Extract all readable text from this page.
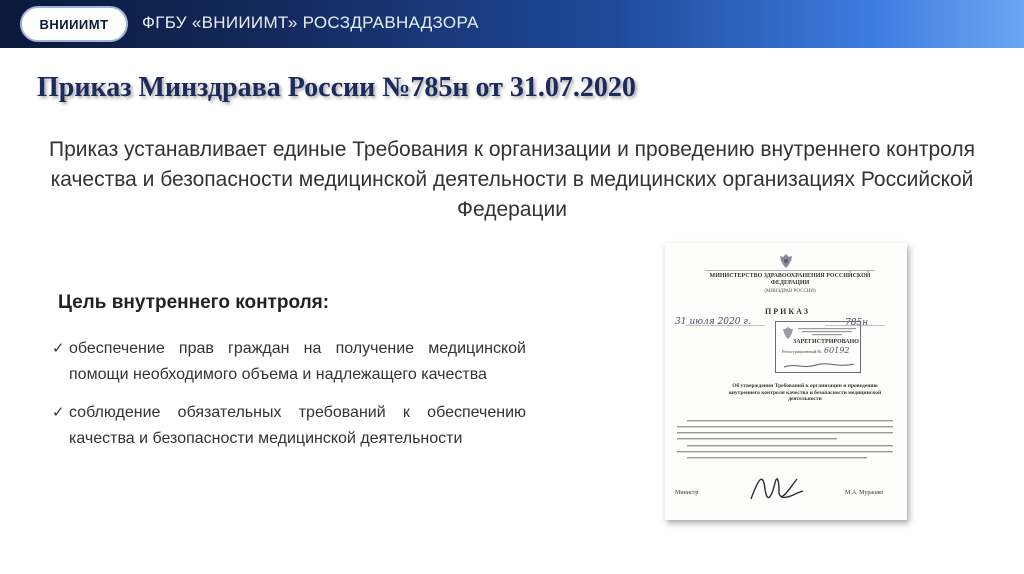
ВНИИИМТ ФГБУ «ВНИИИМТ» РОСЗДРАВНАДЗОРА
Приказ Минздрава России №785н от 31.07.2020

Приказ устанавливает единые Требования к организации и проведению внутреннего контроля качества и безопасности медицинской деятельности в медицинских организациях Российской Федерации

Цель внутреннего контроля:
✓ обеспечение прав граждан на получение медицинской помощи необходимого объема и надлежащего качества
✓ соблюдение обязательных требований к обеспечению качества и безопасности медицинской деятельности
МИНИСТЕРСТВО ЗДРАВООХРАНЕНИЯ РОССИЙСКОЙ ФЕДЕРАЦИИ
(МИНЗДРАВ РОССИИ)
ПРИКАЗ
31 июля 2020 г.	785н
ЗАРЕГИСТРИРОВАНО
Регистрационный № 60192
Об утверждении Требований к организации и проведению внутреннего контроля качества и безопасности медицинской деятельности
Министр	М.А. Мурашко
